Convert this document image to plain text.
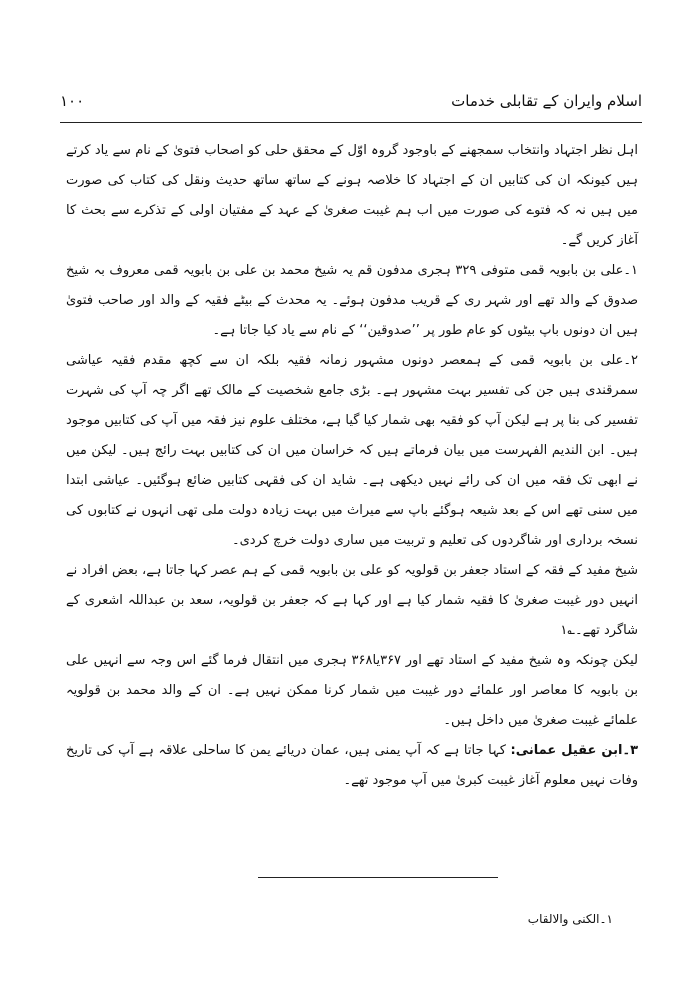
اسلام وایران کے تقابلی خدمات
۱۰۰

اہل نظر اجتہاد وانتخاب سمجھنے کے باوجود گروہ اوّل کے محقق حلی کو اصحاب فتویٰ کے نام سے یاد کرتے ہیں کیونکہ ان کی کتابیں ان کے اجتہاد کا خلاصہ ہونے کے ساتھ ساتھ حدیث ونقل کی کتاب کی صورت میں ہیں نہ کہ فتوے کی صورت میں اب ہم غیبت صغریٰ کے عہد کے مفتیان اولی کے تذکرے سے بحث کا آغاز کریں گے۔

۱۔علی بن بابویہ قمی متوفی ۳۲۹ ہجری مدفون قم یہ شیخ محمد بن علی بن بابویہ قمی معروف بہ شیخ صدوق کے والد تھے اور شہر ری کے قریب مدفون ہوئے۔ یہ محدث کے بیٹے فقیہ کے والد اور صاحب فتویٰ ہیں ان دونوں باپ بیٹوں کو عام طور پر ’’صدوقین‘‘ کے نام سے یاد کیا جاتا ہے۔

۲۔علی بن بابویہ قمی کے ہمعصر دونوں مشہور زمانہ فقیہ بلکہ ان سے کچھ مقدم فقیہ عیاشی سمرقندی ہیں جن کی تفسیر بہت مشہور ہے۔ بڑی جامع شخصیت کے مالک تھے اگر چہ آپ کی شہرت تفسیر کی بنا پر ہے لیکن آپ کو فقیہ بھی شمار کیا گیا ہے، مختلف علوم نیز فقہ میں آپ کی کتابیں موجود ہیں۔ ابن الندیم الفہرست میں بیان فرماتے ہیں کہ خراسان میں ان کی کتابیں بہت رائج ہیں۔ لیکن میں نے ابھی تک فقہ میں ان کی رائے نہیں دیکھی ہے۔ شاید ان کی فقہی کتابیں ضائع ہوگئیں۔ عیاشی ابتدا میں سنی تھے اس کے بعد شیعہ ہوگئے باپ سے میراث میں بہت زیادہ دولت ملی تھی انہوں نے کتابوں کی نسخہ برداری اور شاگردوں کی تعلیم و تربیت میں ساری دولت خرچ کردی۔

شیخ مفید کے فقہ کے استاد جعفر بن قولویہ کو علی بن بابویہ قمی کے ہم عصر کہا جاتا ہے، بعض افراد نے انہیں دور غیبت صغریٰ کا فقیہ شمار کیا ہے اور کہا ہے کہ جعفر بن قولویہ، سعد بن عبداللہ اشعری کے شاگرد تھے۔؎۱

لیکن چونکہ وہ شیخ مفید کے استاد تھے اور ۳۶۷یا۳۶۸ ہجری میں انتقال فرما گئے اس وجہ سے انہیں علی بن بابویہ کا معاصر اور علمائے دور غیبت میں شمار کرنا ممکن نہیں ہے۔ ان کے والد محمد بن قولویہ علمائے غیبت صغریٰ میں داخل ہیں۔

۳۔ابن عقیل عمانی: کہا جاتا ہے کہ آپ یمنی ہیں، عمان دریائے یمن کا ساحلی علاقہ ہے آپ کی تاریخ وفات نہیں معلوم آغاز غیبت کبریٰ میں آپ موجود تھے۔

۱۔الکنی والالقاب
